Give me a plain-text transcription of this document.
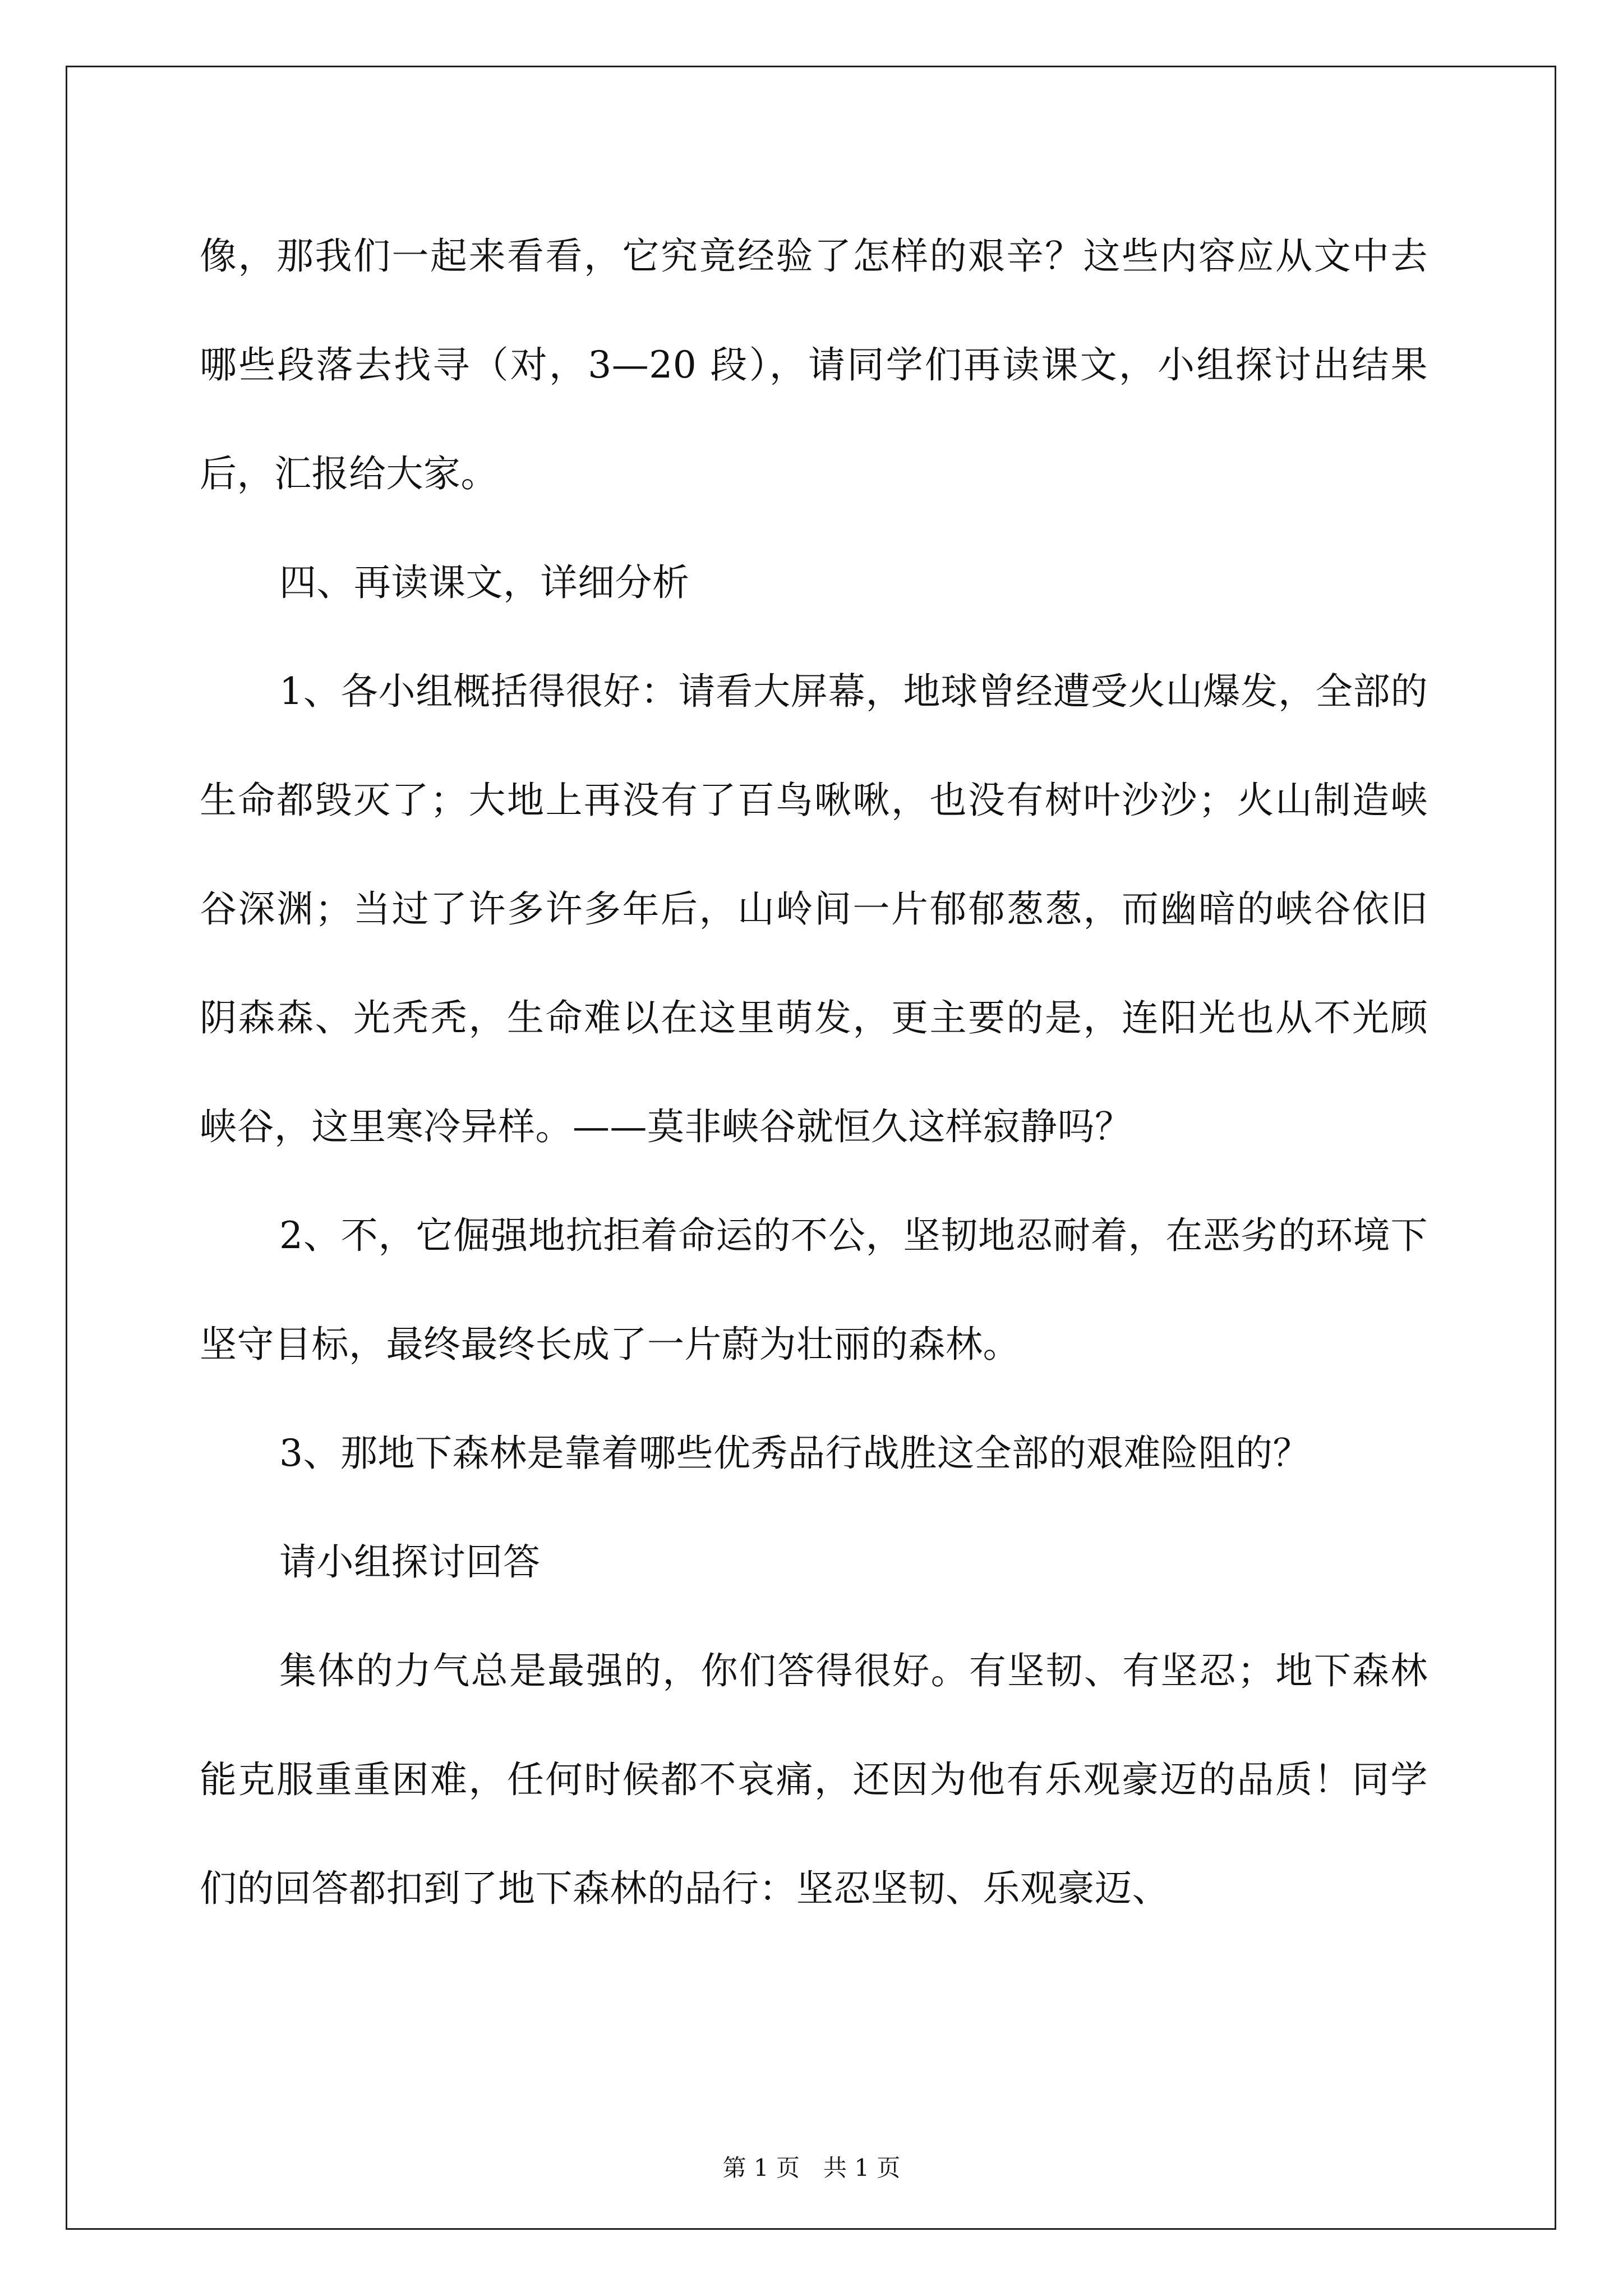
像，那我们一起来看看，它究竟经验了怎样的艰辛？这些内容应从文中去哪些段落去找寻（对，3—20 段），请同学们再读课文，小组探讨出结果后，汇报给大家。

四、再读课文，详细分析

1、各小组概括得很好：请看大屏幕，地球曾经遭受火山爆发，全部的生命都毁灭了；大地上再没有了百鸟啾啾，也没有树叶沙沙；火山制造峡谷深渊；当过了许多许多年后，山岭间一片郁郁葱葱，而幽暗的峡谷依旧阴森森、光秃秃，生命难以在这里萌发，更主要的是，连阳光也从不光顾峡谷，这里寒冷异样。——莫非峡谷就恒久这样寂静吗？

2、不，它倔强地抗拒着命运的不公，坚韧地忍耐着，在恶劣的环境下坚守目标，最终最终长成了一片蔚为壮丽的森林。

3、那地下森林是靠着哪些优秀品行战胜这全部的艰难险阻的？

请小组探讨回答

集体的力气总是最强的，你们答得很好。有坚韧、有坚忍；地下森林能克服重重困难，任何时候都不哀痛，还因为他有乐观豪迈的品质！同学们的回答都扣到了地下森林的品行：坚忍坚韧、乐观豪迈、

第 1 页　共 1 页
